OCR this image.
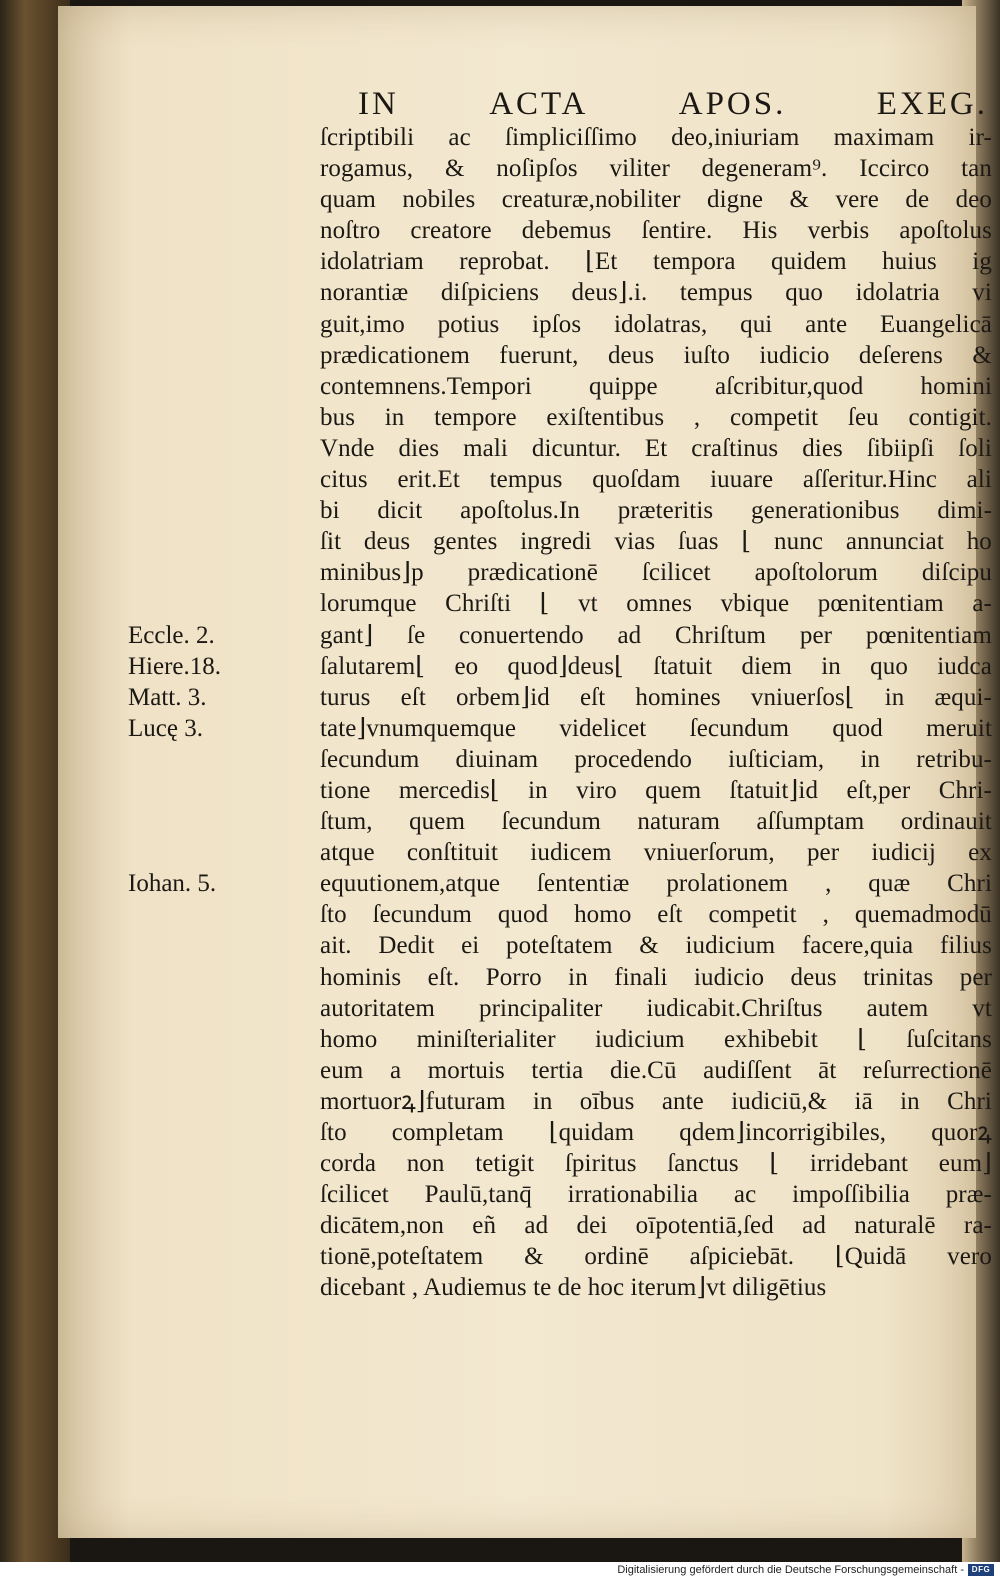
IN	ACTA	APOS.	EXEG.
ſcriptibili ac ſimpliciſſimo deo,iniuriam maximam ir-
rogamus, & noſipſos viliter degeneram⁹. Iccirco tan
quam nobiles creaturæ,nobiliter digne & vere de deo
noſtro creatore debemus ſentire. His verbis apoſtolus
idolatriam reprobat. ⌊Et tempora quidem huius ig
norantiæ diſpiciens deus⌋.i. tempus quo idolatria vi
guit,imo potius ipſos idolatras, qui ante Euangelicā
prædicationem fuerunt, deus iuſto iudicio deſerens &
contemnens.Tempori quippe aſcribitur,quod homini
bus in tempore exiſtentibus , competit ſeu contigit.
Vnde dies mali dicuntur. Et craſtinus dies ſibiipſi ſoli
citus erit.Et tempus quoſdam iuuare aſſeritur.Hinc ali
bi dicit apoſtolus.In præteritis generationibus dimi-
ſit deus gentes ingredi vias ſuas ⌊ nunc annunciat ho
minibus⌋p prædicationē ſcilicet apoſtolorum diſcipu
lorumque Chriſti ⌊ vt omnes vbique pœnitentiam a-
gant⌋ ſe conuertendo ad Chriſtum per pœnitentiam
ſalutarem⌊ eo quod⌋deus⌊ ſtatuit diem in quo iudca
turus eſt orbem⌋id eſt homines vniuerſos⌊ in æqui-
tate⌋vnumquemque videlicet ſecundum quod meruit
ſecundum diuinam procedendo iuſticiam, in retribu-
tione mercedis⌊ in viro quem ſtatuit⌋id eſt,per Chri-
ſtum, quem ſecundum naturam aſſumptam ordinauit
atque conſtituit iudicem vniuerſorum, per iudicij ex
equutionem,atque ſententiæ prolationem , quæ Chri
ſto ſecundum quod homo eſt competit , quemadmodū
ait. Dedit ei poteſtatem & iudicium facere,quia filius
hominis eſt. Porro in finali iudicio deus trinitas per
autoritatem principaliter iudicabit.Chriſtus autem vt
homo miniſterialiter iudicium exhibebit ⌊ ſuſcitans
eum a mortuis tertia die.Cū audiſſent āt reſurrectionē
mortuorꝝ⌋futuram in oībus ante iudiciū,& iā in Chri
ſto completam ⌊quidam qdem⌋incorrigibiles, quorꝝ
corda non tetigit ſpiritus ſanctus ⌊ irridebant eum⌋
ſcilicet Paulū,tanq̄ irrationabilia ac impoſſibilia præ-
dicātem,non eñ ad dei oīpotentiā,ſed ad naturalē ra-
tionē,poteſtatem & ordinē aſpiciebāt. ⌊Quidā vero
dicebant , Audiemus te de hoc iterum⌋vt diligētius
Eccle. 2.
Hiere.18.
Matt. 3.
Lucę 3.
Iohan. 5.
Digitalisierung gefördert durch die Deutsche Forschungsgemeinschaft - DFG
